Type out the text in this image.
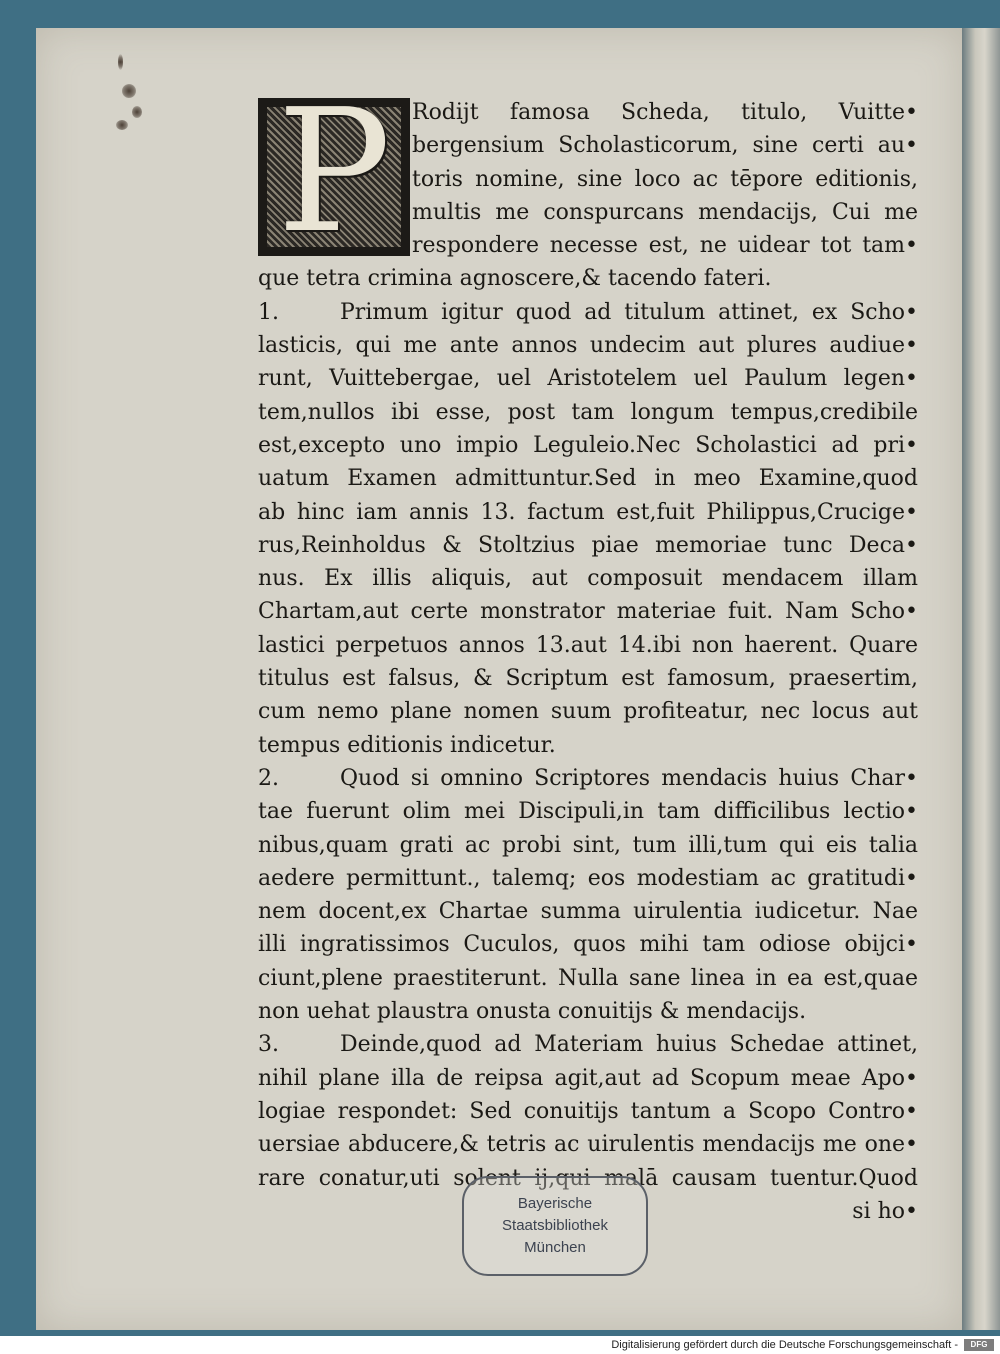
P Rodijt famosa Scheda, titulo, Vuitte•
bergensium Scholasticorum, sine certi au•
toris nomine, sine loco ac tēpore editionis,
multis me conspurcans mendacijs, Cui me
respondere necesse est, ne uidear tot tam•
que tetra crimina agnoscere,& tacendo fateri.
1.	Primum igitur quod ad titulum attinet, ex Scho•
lasticis, qui me ante annos undecim aut plures audiue•
runt, Vuittebergae, uel Aristotelem uel Paulum legen•
tem,nullos ibi esse, post tam longum tempus,credibile
est,excepto uno impio Leguleio.Nec Scholastici ad pri•
uatum Examen admittuntur.Sed in meo Examine,quod
ab hinc iam annis 13. factum est,fuit Philippus,Crucige•
rus,Reinholdus & Stoltzius piae memoriae tunc Deca•
nus. Ex illis aliquis, aut composuit mendacem illam
Chartam,aut certe monstrator materiae fuit. Nam Scho•
lastici perpetuos annos 13.aut 14.ibi non haerent. Quare
titulus est falsus, & Scriptum est famosum, praesertim,
cum nemo plane nomen suum profiteatur, nec locus aut
tempus editionis indicetur.
2.	Quod si omnino Scriptores mendacis huius Char•
tae fuerunt olim mei Discipuli,in tam difficilibus lectio•
nibus,quam grati ac probi sint, tum illi,tum qui eis talia
aedere permittunt., talemq; eos modestiam ac gratitudi•
nem docent,ex Chartae summa uirulentia iudicetur. Nae
illi ingratissimos Cuculos, quos mihi tam odiose obijci•
ciunt,plene praestiterunt. Nulla sane linea in ea est,quae
non uehat plaustra onusta conuitijs & mendacijs.
3.	Deinde,quod ad Materiam huius Schedae attinet,
nihil plane illa de reipsa agit,aut ad Scopum meae Apo•
logiae respondet: Sed conuitijs tantum a Scopo Contro•
uersiae abducere,& tetris ac uirulentis mendacijs me one•
rare conatur,uti solent ij,qui malā causam tuentur.Quod
si ho•
Bayerische
Staatsbibliothek
München
Digitalisierung gefördert durch die Deutsche Forschungsgemeinschaft - DFG
